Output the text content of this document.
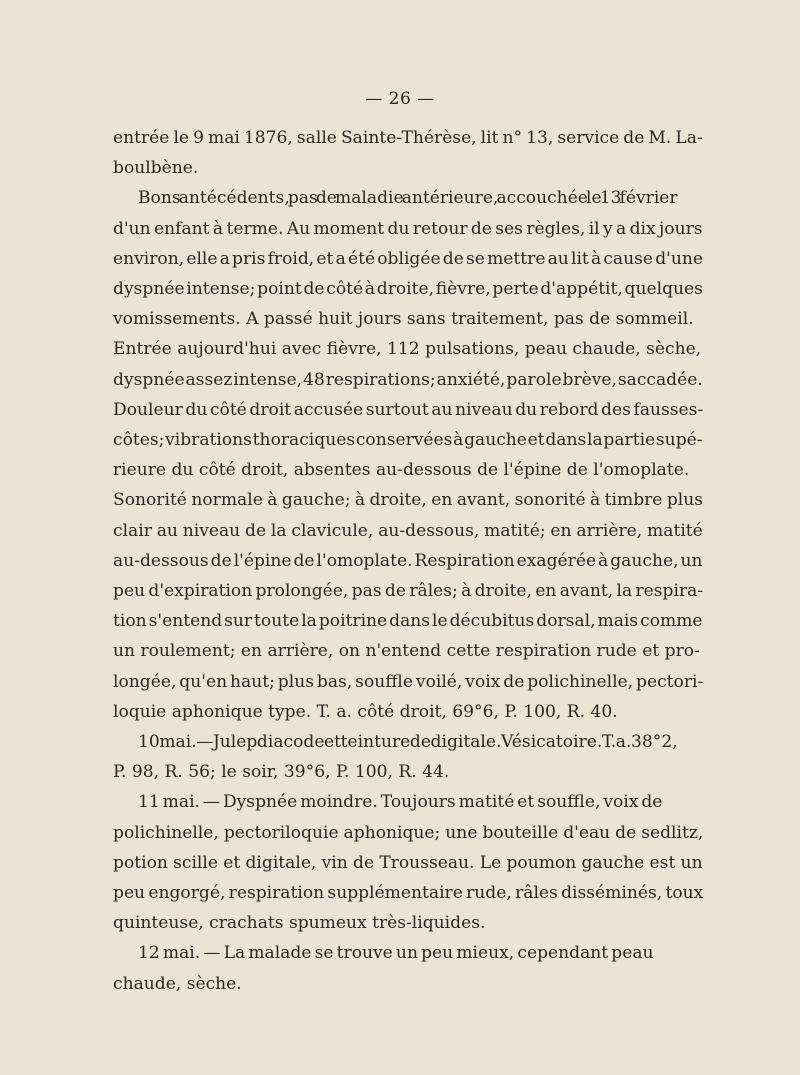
— 26 —
entrée le 9 mai 1876, salle Sainte-Thérèse, lit n° 13, service de M. La-
boulbène.
Bons antécédents, pas de maladie antérieure, accouchée le 13 février
d'un enfant à terme. Au moment du retour de ses règles, il y a dix jours
environ, elle a pris froid, et a été obligée de se mettre au lit à cause d'une
dyspnée intense; point de côté à droite, fièvre, perte d'appétit, quelques
vomissements. A passé huit jours sans traitement, pas de sommeil.
Entrée aujourd'hui avec fièvre, 112 pulsations, peau chaude, sèche,
dyspnée assez intense, 48 respirations; anxiété, parole brève, saccadée.
Douleur du côté droit accusée surtout au niveau du rebord des fausses-
côtes; vibrations thoraciques conservées à gauche et dans la partie supé-
rieure du côté droit, absentes au-dessous de l'épine de l'omoplate.
Sonorité normale à gauche; à droite, en avant, sonorité à timbre plus
clair au niveau de la clavicule, au-dessous, matité; en arrière, matité
au-dessous de l'épine de l'omoplate. Respiration exagérée à gauche, un
peu d'expiration prolongée, pas de râles; à droite, en avant, la respira-
tion s'entend sur toute la poitrine dans le décubitus dorsal, mais comme
un roulement; en arrière, on n'entend cette respiration rude et pro-
longée, qu'en haut; plus bas, souffle voilé, voix de polichinelle, pectori-
loquie aphonique type. T. a. côté droit, 69°6, P. 100, R. 40.
10 mai. — Julep diacode et teinture de digitale. Vésicatoire. T. a. 38°2,
P. 98, R. 56; le soir, 39°6, P. 100, R. 44.
11 mai. — Dyspnée moindre. Toujours matité et souffle, voix de
polichinelle, pectoriloquie aphonique; une bouteille d'eau de sedlitz,
potion scille et digitale, vin de Trousseau. Le poumon gauche est un
peu engorgé, respiration supplémentaire rude, râles disséminés, toux
quinteuse, crachats spumeux très-liquides.
12 mai. — La malade se trouve un peu mieux, cependant peau
chaude, sèche.
